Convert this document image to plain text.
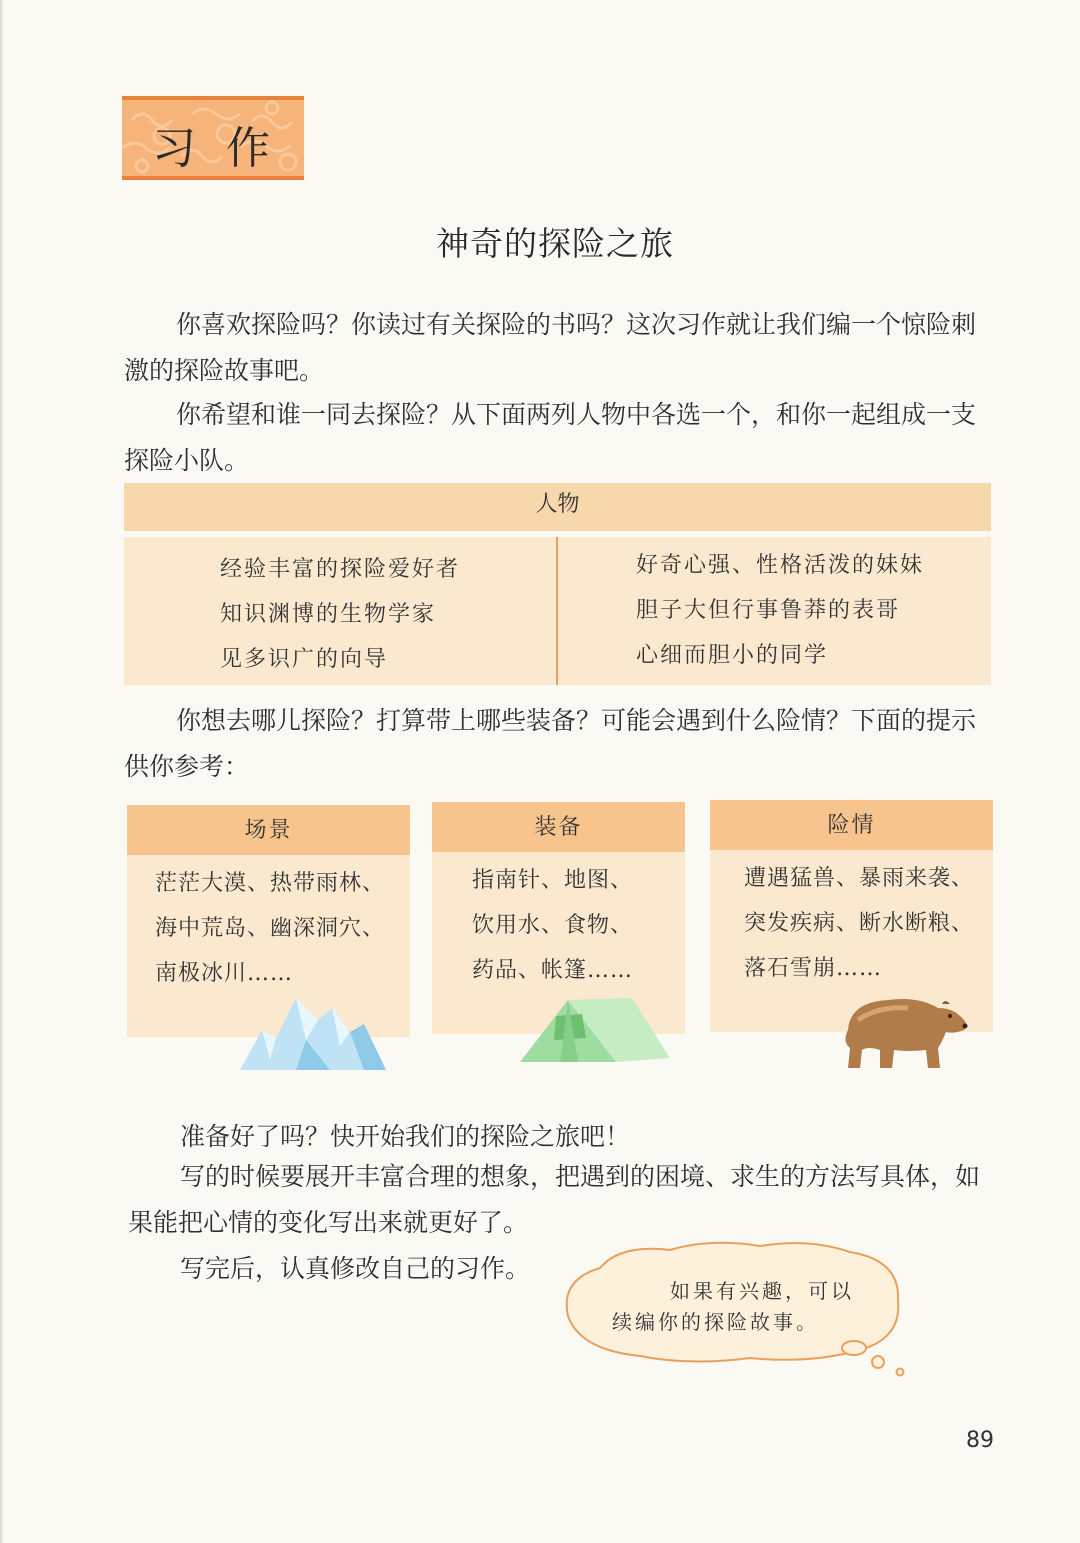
习作
神奇的探险之旅

你喜欢探险吗？你读过有关探险的书吗？这次习作就让我们编一个惊险刺激的探险故事吧。

你希望和谁一同去探险？从下面两列人物中各选一个，和你一起组成一支探险小队。

人物
经验丰富的探险爱好者
知识渊博的生物学家
见多识广的向导
好奇心强、性格活泼的妹妹
胆子大但行事鲁莽的表哥
心细而胆小的同学

你想去哪儿探险？打算带上哪些装备？可能会遇到什么险情？下面的提示供你参考：

场景
茫茫大漠、热带雨林、
海中荒岛、幽深洞穴、
南极冰川……
装备
指南针、地图、
饮用水、食物、
药品、帐篷……
险情
遭遇猛兽、暴雨来袭、
突发疾病、断水断粮、
落石雪崩……

准备好了吗？快开始我们的探险之旅吧！

写的时候要展开丰富合理的想象，把遇到的困境、求生的方法写具体，如果能把心情的变化写出来就更好了。

写完后，认真修改自己的习作。

如果有兴趣，可以
续编你的探险故事。
89
